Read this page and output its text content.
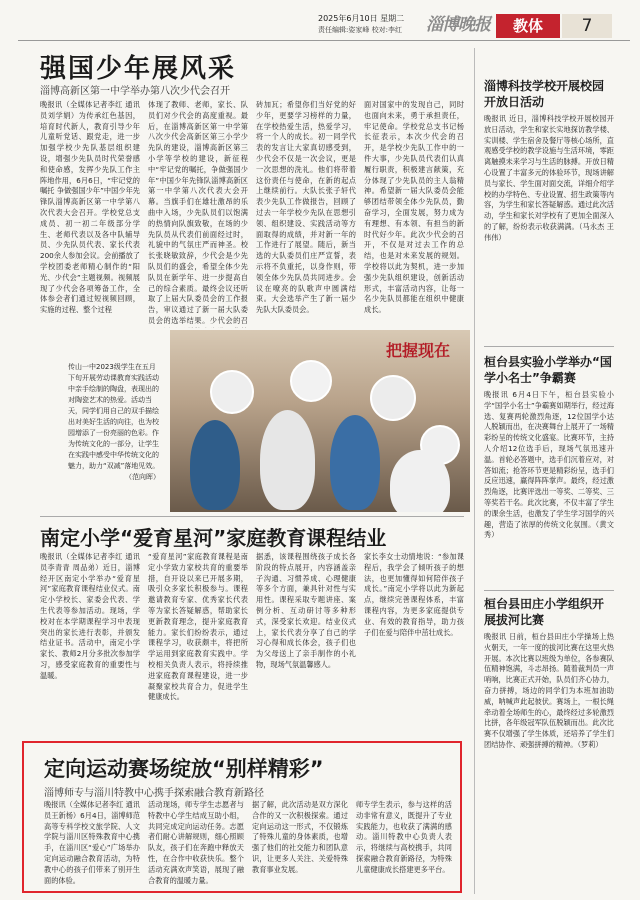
2025年6月10日 星期二
责任编辑:姿家峰 校对:李红 淄博晚报	教体	7
强国少年展风采
淄博高新区第一中学举办第八次少代会召开
晚报讯（全媒体记者李红 通讯员刘学娟）为传承红色基因，培育时代新人，教育引导少年儿童听党话、跟党走，进一步加强学校少先队基层组织建设，增强少先队员时代荣誉感和使命感，发挥少先队工作主阵地作用，6月6日，“牢记党的嘱托 争做强国少年”中国少年先锋队淄博高新区第一中学第八次代表大会召开。学校党总支成员、初一初二年级部分学生、老师代表以及各中队辅导员、少先队员代表、家长代表200余人参加会议。会前播放了学校团委老师精心制作的“阳光、少代会”主题视频。视频展现了少代会各项筹备工作，全体参会者们通过短视频回顾，实施的过程、整个过程
体现了教师、老师，家长、队员们对少代会的高度重视。最后，在淄博高新区第一中学第八次少代会高新区第三小学少先队的建设，淄博高新区第三小学等学校的建设，新征程中“牢记党的嘱托，争做强国少年”中国少年先锋队淄博高新区第一中学第八次代表大会开幕。当旗手们在雄壮激昂的乐曲中入场，少先队员们以饱满的热情向队旗致敬，在场的少先队员从代表们前面经过时，礼貌中的气氛庄严而神圣。校长张晓敏致辞，少代会是少先队员们的盛会，希望全体少先队员在新学年、进一步提高自己的综合素质。最终会议还听取了上届大队委员会的工作报告，审议通过了新一届大队委员会的选举结果。少代会的召
砖加瓦；希望你们当好党的好少年，更要学习榜样的力量，在学校热爱生活，热爱学习，将一个人的成长。初一同学代表的发言让大家真切感受到，少代会不仅是一次会议，更是一次思想的洗礼。他们将带着这份责任与使命，在新的起点上继续前行。大队长张子轩代表少先队工作做报告，回顾了过去一年学校少先队在思想引领、组织建设、实践活动等方面取得的成绩，并对新一年的工作进行了展望。随后，新当选的大队委员们庄严宣誓，表示将不负重托，以身作则，带领全体少先队员共同进步。会议在嘹亮的队歌声中圆满结束。大会选举产生了新一届少先队大队委员会。
面对国家中的发现自己，同时也面向未来，勇于承担责任，牢记使命。学校党总支书记杨长征表示，本次少代会的召开，是学校少先队工作中的一件大事，少先队员代表们认真履行职责，积极建言献策，充分体现了少先队员的主人翁精神。希望新一届大队委员会能够团结带领全体少先队员，勤奋学习，全面发展，努力成为有理想、有本领、有担当的新时代好少年。此次少代会的召开，不仅是对过去工作的总结，也是对未来发展的规划。学校将以此为契机，进一步加强少先队组织建设，创新活动形式，丰富活动内容，让每一名少先队员都能在组织中健康成长。
把握现在
传山一中2023级学生在五月下旬开展劳动课教育实践活动中亲手绘制的陶盘，表现出的对陶瓷艺术的热爱。活动当天，同学们用自己的双手描绘出对美好生活的向往，也为校园增添了一份亮丽的色彩。作为传统文化的一部分，让学生在实践中感受中华传统文化的魅力，助力“双减”落地见效。
（范向晖）
南定小学“爱育星河”家庭教育课程结业
晚报讯（全媒体记者李红 通讯员李青青 周品弟）近日，淄博经开区南定小学举办“爱育星河”家庭教育课程结业仪式。南定小学校长、家委会代表、学生代表等参加活动。现场，学校对在本学期课程学习中表现突出的家长进行表彰，并颁发结业证书。活动中，南定小学家长、教师2月分多批次参加学习，感受家庭教育的重要性与温暖。
“爱育星河”家庭教育课程是南定小学致力家校共育的重要举措，自开设以来已开展多期，吸引众多家长积极参与。课程邀请教育专家、优秀家长代表等为家长答疑解惑，帮助家长更新教育理念，提升家庭教育能力。家长们纷纷表示，通过课程学习，收获颇丰，将把所学运用到家庭教育实践中。学校相关负责人表示，将持续推进家庭教育课程建设，进一步凝聚家校共育合力，促进学生健康成长。
据悉，该课程围绕孩子成长各阶段的特点展开，内容涵盖亲子沟通、习惯养成、心理健康等多个方面，兼具针对性与实用性。课程采取专题讲座、案例分析、互动研讨等多种形式，深受家长欢迎。结业仪式上，家长代表分享了自己的学习心得和成长体会，孩子们也为父母送上了亲手制作的小礼物，现场气氛温馨感人。
家长李女士动情地说：“参加课程后，我学会了倾听孩子的想法，也更加懂得如何陪伴孩子成长。”南定小学将以此为新起点，继续完善课程体系，丰富课程内容，为更多家庭提供专业、有效的教育指导，助力孩子们在爱与陪伴中茁壮成长。
定向运动赛场绽放“别样精彩”
淄博师专与淄川特教中心携手探索融合教育新路径
晚报讯（全媒体记者李红 通讯员王新杨）6月4日，淄博师范高等专科学校文旅学院、人文学院与淄川区特殊教育中心携手，在淄川区“爱心”广场举办定向运动融合教育活动，为特教中心的孩子们带来了别开生面的体验。
活动现场，师专学生志愿者与特教中心学生结成互助小组，共同完成定向运动任务。志愿者们耐心讲解规则，细心照顾队友，孩子们在奔跑中释放天性，在合作中收获快乐。整个活动充满欢声笑语，展现了融合教育的温暖力量。
据了解，此次活动是双方深化合作的又一次积极探索。通过定向运动这一形式，不仅锻炼了特殊儿童的身体素质，也增强了他们的社交能力和团队意识，让更多人关注、关爱特殊教育事业发展。
师专学生表示，参与这样的活动非常有意义，既提升了专业实践能力，也收获了满满的感动。淄川特教中心负责人表示，将继续与高校携手，共同探索融合教育新路径，为特殊儿童健康成长搭建更多平台。
淄博科技学校开展校园开放日活动
晚报讯 近日，淄博科技学校开展校园开放日活动，学生和家长实地探访教学楼、实训楼、学生宿舍及餐厅等核心场所，直观感受学校的教学设施与生活环境，零距离触摸未来学习与生活的脉搏。开放日精心设置了丰富多元的体验环节，现场讲解员与家长、学生面对面交流，详细介绍学校的办学特色、专业设置、招生政策等内容，为学生和家长答疑解惑。通过此次活动，学生和家长对学校有了更加全面深入的了解，纷纷表示收获满满。（马永杰 王伟伟）
桓台县实验小学举办“国学小名士”争霸赛
晚报讯 6月4日下午，桓台县实验小学“国学小名士”争霸赛如期举行，经过海选、复赛两轮激烈角逐，12位国学小达人脱颖而出，在决赛舞台上展开了一场精彩纷呈的传统文化盛宴。比赛环节，主持人介绍12位选手后，现场气氛迅速升温。首轮必答题中，选手们沉着应对，对答如流；抢答环节更是精彩纷呈，选手们反应迅速，赢得阵阵掌声。最终，经过激烈角逐，比赛评选出一等奖、二等奖、三等奖若干名。此次比赛，不仅丰富了学生的课余生活，也激发了学生学习国学的兴趣，营造了浓厚的传统文化氛围。（黄文秀）
桓台县田庄小学组织开展拔河比赛
晚报讯 日前，桓台县田庄小学操场上热火朝天，一年一度的拔河比赛在这里火热开展。本次比赛以班级为单位，各参赛队伍精神饱满，斗志昂扬。随着裁判员一声哨响，比赛正式开始，队员们齐心协力，奋力拼搏，场边的同学们为本班加油助威，呐喊声此起彼伏。赛场上，一根长绳牵动着全场师生的心，最终经过多轮激烈比拼，各年级冠军队伍脱颖而出。此次比赛不仅增强了学生体质，还培养了学生们团结协作、顽强拼搏的精神。（罗莉）
